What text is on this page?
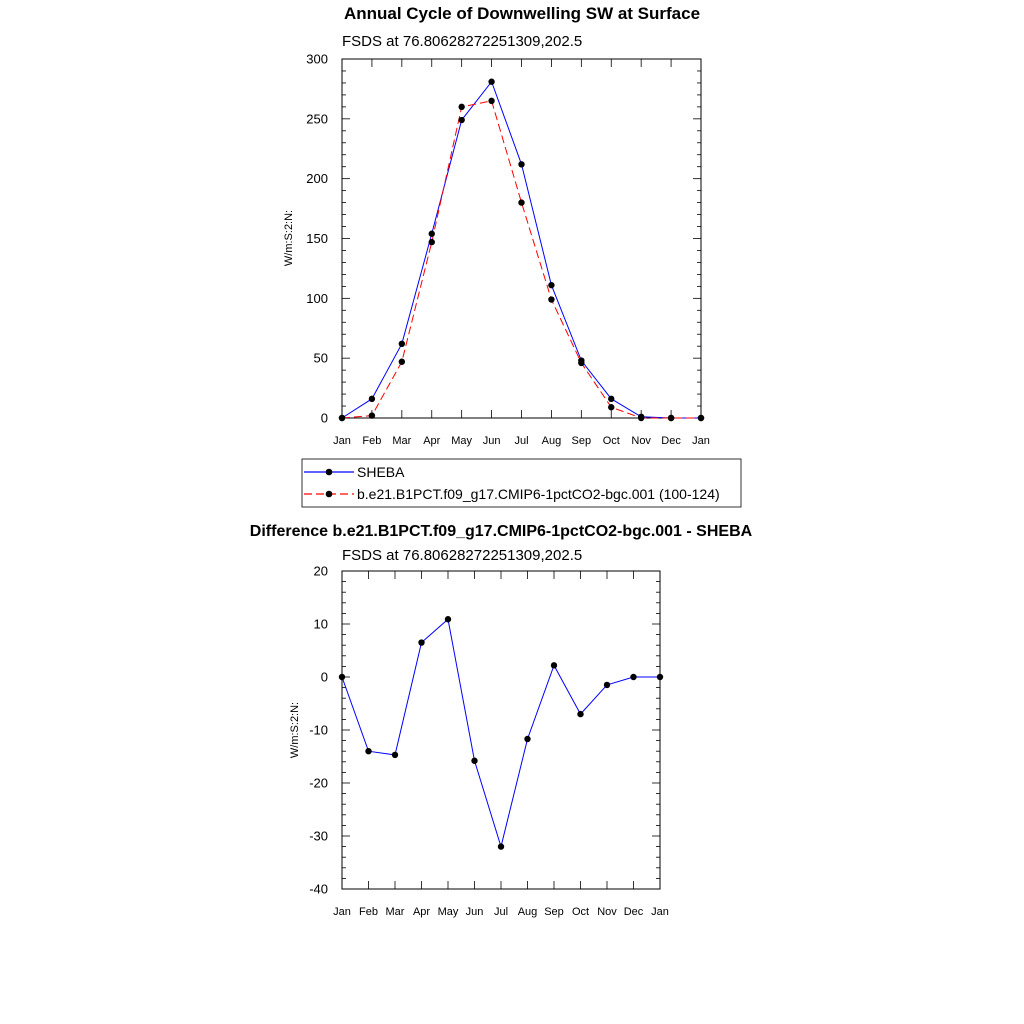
Annual Cycle of Downwelling SW at Surface
FSDS at 76.80628272251309,202.5
W/m:S:2:N:
0
50
100
150
200
250
300
Jan Feb Mar Apr May Jun Jul Aug Sep Oct Nov Dec Jan
SHEBA
b.e21.B1PCT.f09_g17.CMIP6-1pctCO2-bgc.001 (100-124)
Difference b.e21.B1PCT.f09_g17.CMIP6-1pctCO2-bgc.001 - SHEBA
FSDS at 76.80628272251309,202.5
W/m:S:2:N:
-40
-30
-20
-10
0
10
20
Jan Feb Mar Apr May Jun Jul Aug Sep Oct Nov Dec Jan
